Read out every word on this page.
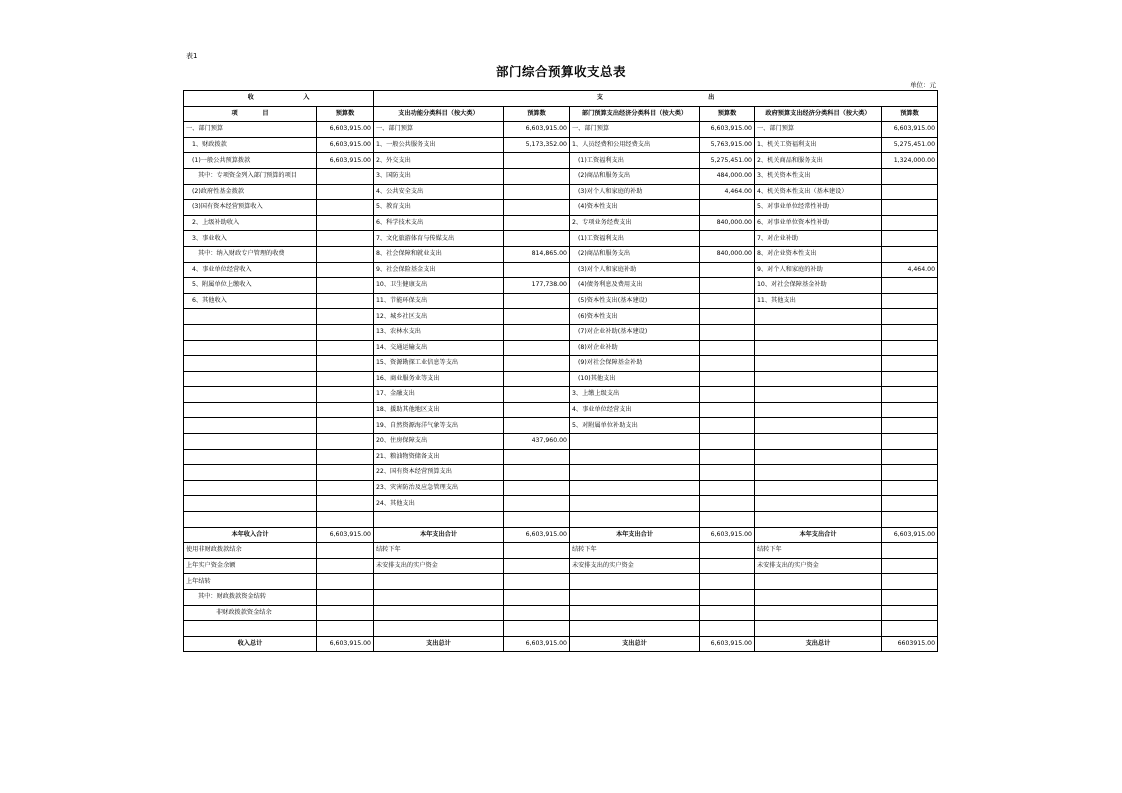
表1
部门综合预算收支总表
单位：元
收　　　　　　　　入		支　　　　　　　　　　　　　　　　　出					
项　　　　目	预算数	支出功能分类科目（按大类）	预算数	部门预算支出经济分类科目（按大类）	预算数	政府预算支出经济分类科目（按大类）	预算数
一、部门预算	6,603,915.00	一、部门预算	6,603,915.00	一、部门预算	6,603,915.00	一、部门预算	6,603,915.00
1、财政拨款	6,603,915.00	1、一般公共服务支出	5,173,352.00	1、人员经费和公用经费支出	5,763,915.00	1、机关工资福利支出	5,275,451.00
(1)一般公共预算拨款	6,603,915.00	2、外交支出		(1)工资福利支出	5,275,451.00	2、机关商品和服务支出	1,324,000.00
其中：专项资金列入部门预算的项目		3、国防支出		(2)商品和服务支出	484,000.00	3、机关资本性支出	
(2)政府性基金拨款		4、公共安全支出		(3)对个人和家庭的补助	4,464.00	4、机关资本性支出（基本建设）	
(3)国有资本经营预算收入		5、教育支出		(4)资本性支出		5、对事业单位经常性补助	
2、上级补助收入		6、科学技术支出		2、专项业务经费支出	840,000.00	6、对事业单位资本性补助	
3、事业收入		7、文化旅游体育与传媒支出		(1)工资福利支出		7、对企业补助	
其中：纳入财政专户管理的收费		8、社会保障和就业支出	814,865.00	(2)商品和服务支出	840,000.00	8、对企业资本性支出	
4、事业单位经营收入		9、社会保险基金支出		(3)对个人和家庭补助		9、对个人和家庭的补助	4,464.00
5、附属单位上缴收入		10、卫生健康支出	177,738.00	(4)债务利息及费用支出		10、对社会保障基金补助	
6、其他收入		11、节能环保支出		(5)资本性支出(基本建设)		11、其他支出	
		12、城乡社区支出		(6)资本性支出			
		13、农林水支出		(7)对企业补助(基本建设)			
		14、交通运输支出		(8)对企业补助			
		15、资源勘探工业信息等支出		(9)对社会保障基金补助			
		16、商业服务业等支出		(10)其他支出			
		17、金融支出		3、上缴上级支出			
		18、援助其他地区支出		4、事业单位经营支出			
		19、自然资源海洋气象等支出		5、对附属单位补助支出			
		20、住房保障支出	437,960.00				
		21、粮油物资储备支出					
		22、国有资本经营预算支出					
		23、灾害防治及应急管理支出					
		24、其他支出					

本年收入合计	6,603,915.00	本年支出合计	6,603,915.00	本年支出合计	6,603,915.00	本年支出合计	6,603,915.00
使用非财政拨款结余		结转下年		结转下年		结转下年	
上年实户资金余额		未安排支出的实户资金		未安排支出的实户资金		未安排支出的实户资金	
上年结转							
其中：财政拨款资金结转							
非财政拨款资金结余							

收入总计	6,603,915.00	支出总计	6,603,915.00	支出总计	6,603,915.00	支出总计	6603915.00
